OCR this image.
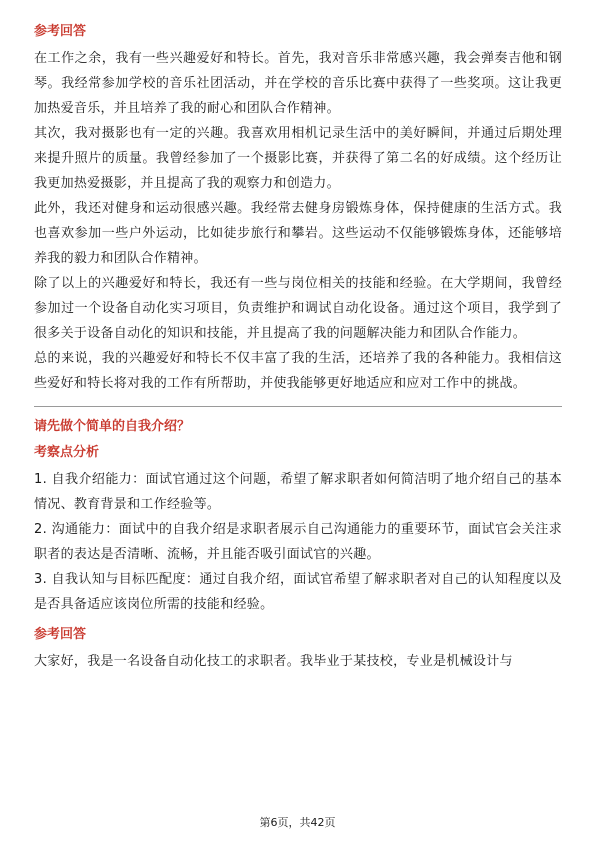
参考回答

在工作之余，我有一些兴趣爱好和特长。首先，我对音乐非常感兴趣，我会弹奏吉他和钢琴。我经常参加学校的音乐社团活动，并在学校的音乐比赛中获得了一些奖项。这让我更加热爱音乐，并且培养了我的耐心和团队合作精神。

其次，我对摄影也有一定的兴趣。我喜欢用相机记录生活中的美好瞬间，并通过后期处理来提升照片的质量。我曾经参加了一个摄影比赛，并获得了第二名的好成绩。这个经历让我更加热爱摄影，并且提高了我的观察力和创造力。

此外，我还对健身和运动很感兴趣。我经常去健身房锻炼身体，保持健康的生活方式。我也喜欢参加一些户外运动，比如徒步旅行和攀岩。这些运动不仅能够锻炼身体，还能够培养我的毅力和团队合作精神。

除了以上的兴趣爱好和特长，我还有一些与岗位相关的技能和经验。在大学期间，我曾经参加过一个设备自动化实习项目，负责维护和调试自动化设备。通过这个项目，我学到了很多关于设备自动化的知识和技能，并且提高了我的问题解决能力和团队合作能力。

总的来说，我的兴趣爱好和特长不仅丰富了我的生活，还培养了我的各种能力。我相信这些爱好和特长将对我的工作有所帮助，并使我能够更好地适应和应对工作中的挑战。

请先做个简单的自我介绍？

考察点分析

1. 自我介绍能力：面试官通过这个问题，希望了解求职者如何简洁明了地介绍自己的基本情况、教育背景和工作经验等。

2. 沟通能力：面试中的自我介绍是求职者展示自己沟通能力的重要环节，面试官会关注求职者的表达是否清晰、流畅，并且能否吸引面试官的兴趣。

3. 自我认知与目标匹配度：通过自我介绍，面试官希望了解求职者对自己的认知程度以及是否具备适应该岗位所需的技能和经验。

参考回答

大家好，我是一名设备自动化技工的求职者。我毕业于某技校，专业是机械设计与

第6页，共42页
